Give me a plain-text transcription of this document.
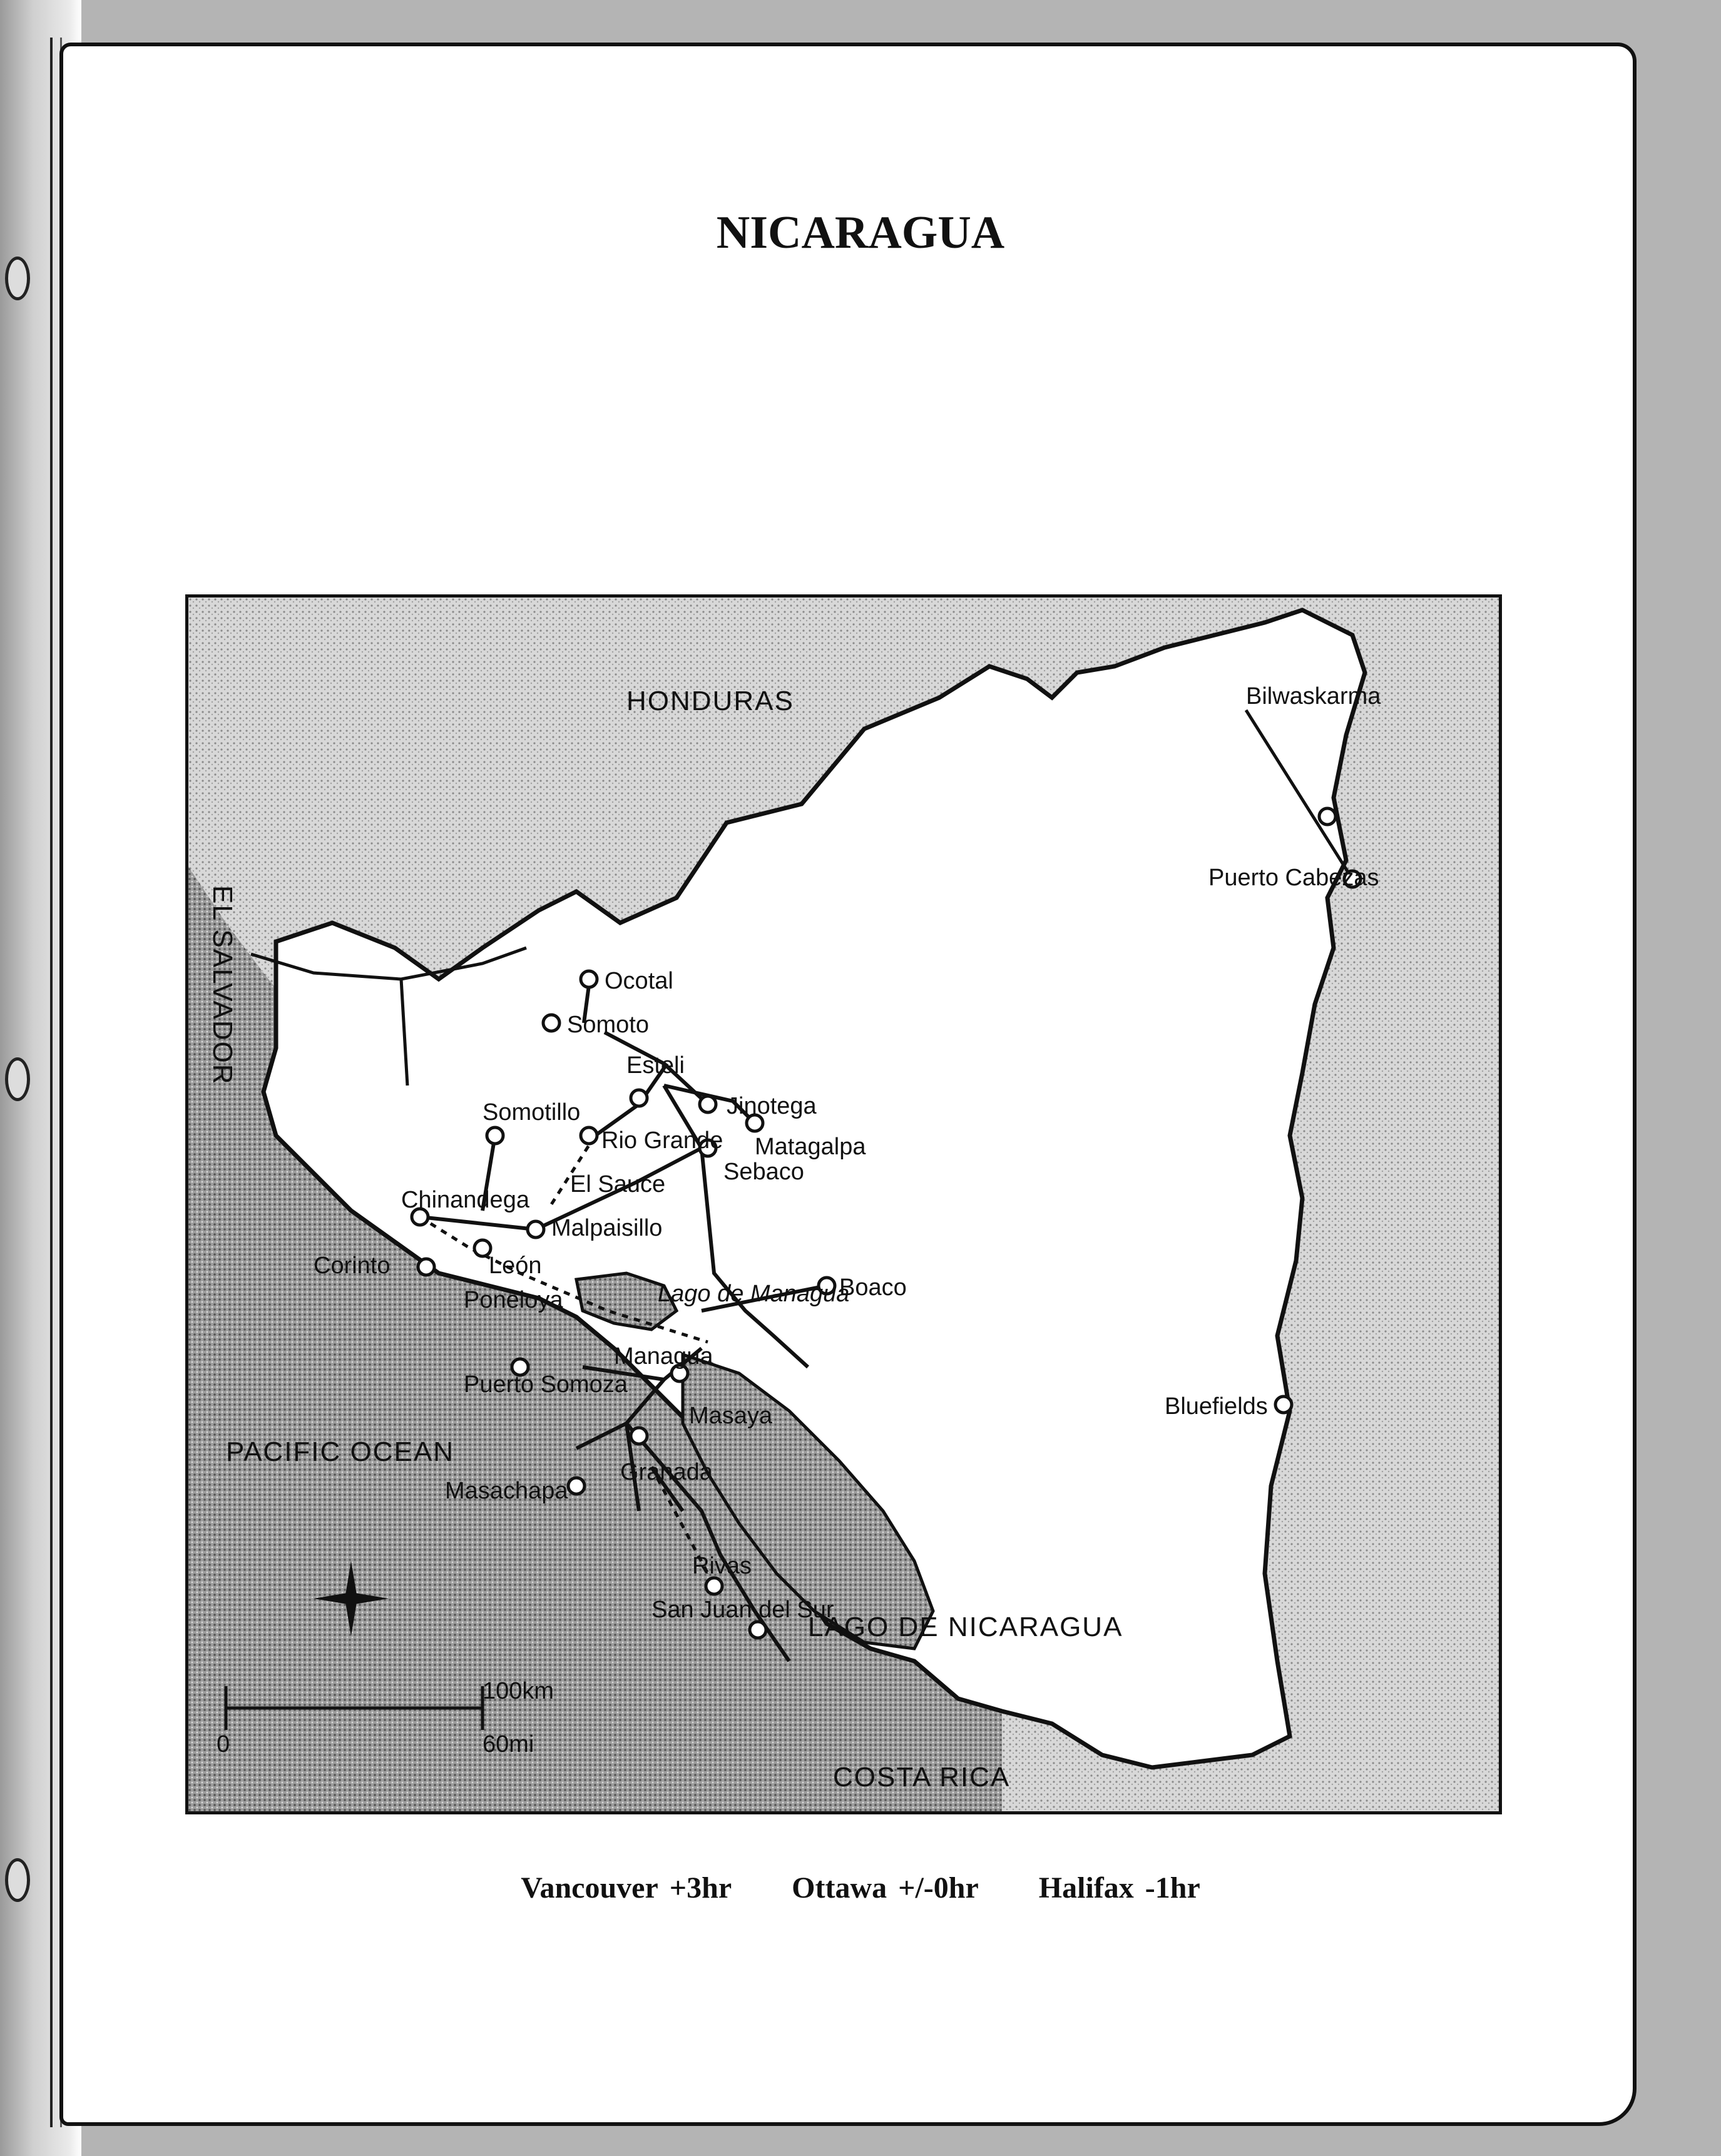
NICARAGUA
HONDURAS
EL SALVADOR
COSTA RICA
PACIFIC OCEAN
LAGO DE NICARAGUA
Lago de Managua
Bilwaskarma
Puerto Cabezas
Ocotal
Somoto
Esteli
Jinotega
Somotillo
Rio Grande Matagalpa
El Sauce Sebaco
Chinandega
Malpaisillo
León
Corinto
Poneloya	Boaco
Managua
Puerto Somoza
Masaya	Bluefields
Granada
Masachapa
Rivas
San Juan del Sur
100km
60mi
0
Vancouver +3hr Ottawa +/-0hr Halifax -1hr
